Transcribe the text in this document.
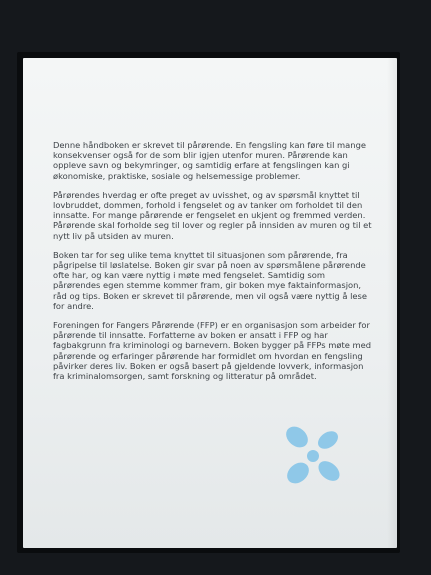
Denne håndboken er skrevet til pårørende. En fengsling kan føre til mange konsekvenser også for de som blir igjen utenfor muren. Pårørende kan oppleve savn og bekymringer, og samtidig erfare at fengslingen kan gi økonomiske, praktiske, sosiale og helsemessige problemer.

Pårørendes hverdag er ofte preget av uvisshet, og av spørsmål knyttet til lovbruddet, dommen, forhold i fengselet og av tanker om forholdet til den innsatte. For mange pårørende er fengselet en ukjent og fremmed verden. Pårørende skal forholde seg til lover og regler på innsiden av muren og til et nytt liv på utsiden av muren.

Boken tar for seg ulike tema knyttet til situasjonen som pårørende, fra pågripelse til løslatelse. Boken gir svar på noen av spørsmålene pårørende ofte har, og kan være nyttig i møte med fengselet. Samtidig som pårørendes egen stemme kommer fram, gir boken mye faktainformasjon, råd og tips. Boken er skrevet til pårørende, men vil også være nyttig å lese for andre.

Foreningen for Fangers Pårørende (FFP) er en organisasjon som arbeider for pårørende til innsatte. Forfatterne av boken er ansatt i FFP og har fagbakgrunn fra kriminologi og barnevern. Boken bygger på FFPs møte med pårørende og erfaringer pårørende har formidlet om hvordan en fengsling påvirker deres liv. Boken er også basert på gjeldende lovverk, informasjon fra kriminalomsorgen, samt forskning og litteratur på området.
